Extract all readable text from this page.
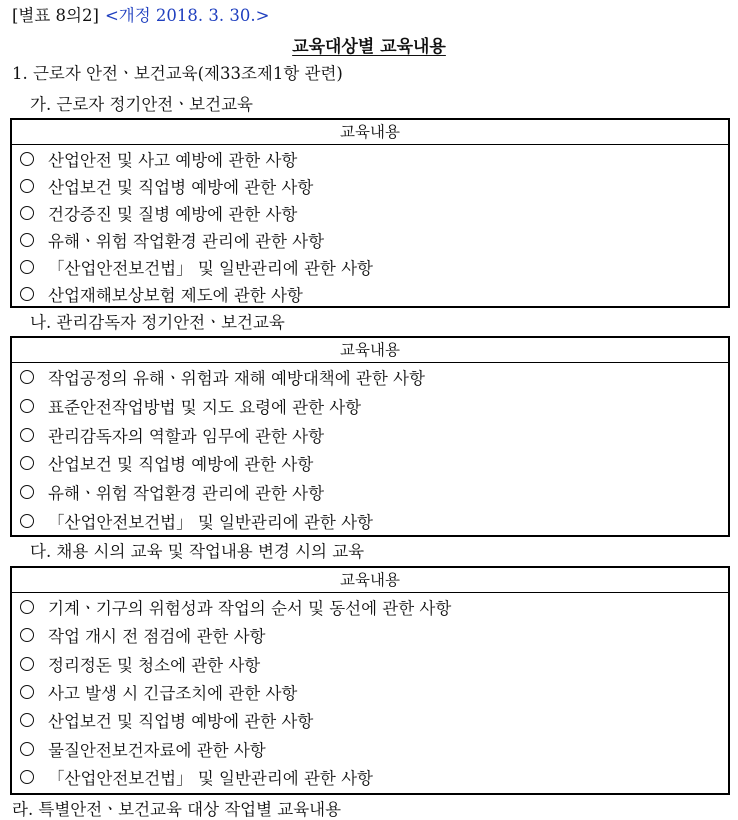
[별표 8의2] <개정 2018. 3. 30.>
교육대상별 교육내용
1. 근로자 안전ㆍ보건교육(제33조제1항 관련)
가. 근로자 정기안전ㆍ보건교육
교육내용
산업안전 및 사고 예방에 관한 사항
산업보건 및 직업병 예방에 관한 사항
건강증진 및 질병 예방에 관한 사항
유해ㆍ위험 작업환경 관리에 관한 사항
「산업안전보건법」 및 일반관리에 관한 사항
산업재해보상보험 제도에 관한 사항
나. 관리감독자 정기안전ㆍ보건교육
교육내용
작업공정의 유해ㆍ위험과 재해 예방대책에 관한 사항
표준안전작업방법 및 지도 요령에 관한 사항
관리감독자의 역할과 임무에 관한 사항
산업보건 및 직업병 예방에 관한 사항
유해ㆍ위험 작업환경 관리에 관한 사항
「산업안전보건법」 및 일반관리에 관한 사항
다. 채용 시의 교육 및 작업내용 변경 시의 교육
교육내용
기계ㆍ기구의 위험성과 작업의 순서 및 동선에 관한 사항
작업 개시 전 점검에 관한 사항
정리정돈 및 청소에 관한 사항
사고 발생 시 긴급조치에 관한 사항
산업보건 및 직업병 예방에 관한 사항
물질안전보건자료에 관한 사항
「산업안전보건법」 및 일반관리에 관한 사항
라. 특별안전ㆍ보건교육 대상 작업별 교육내용
